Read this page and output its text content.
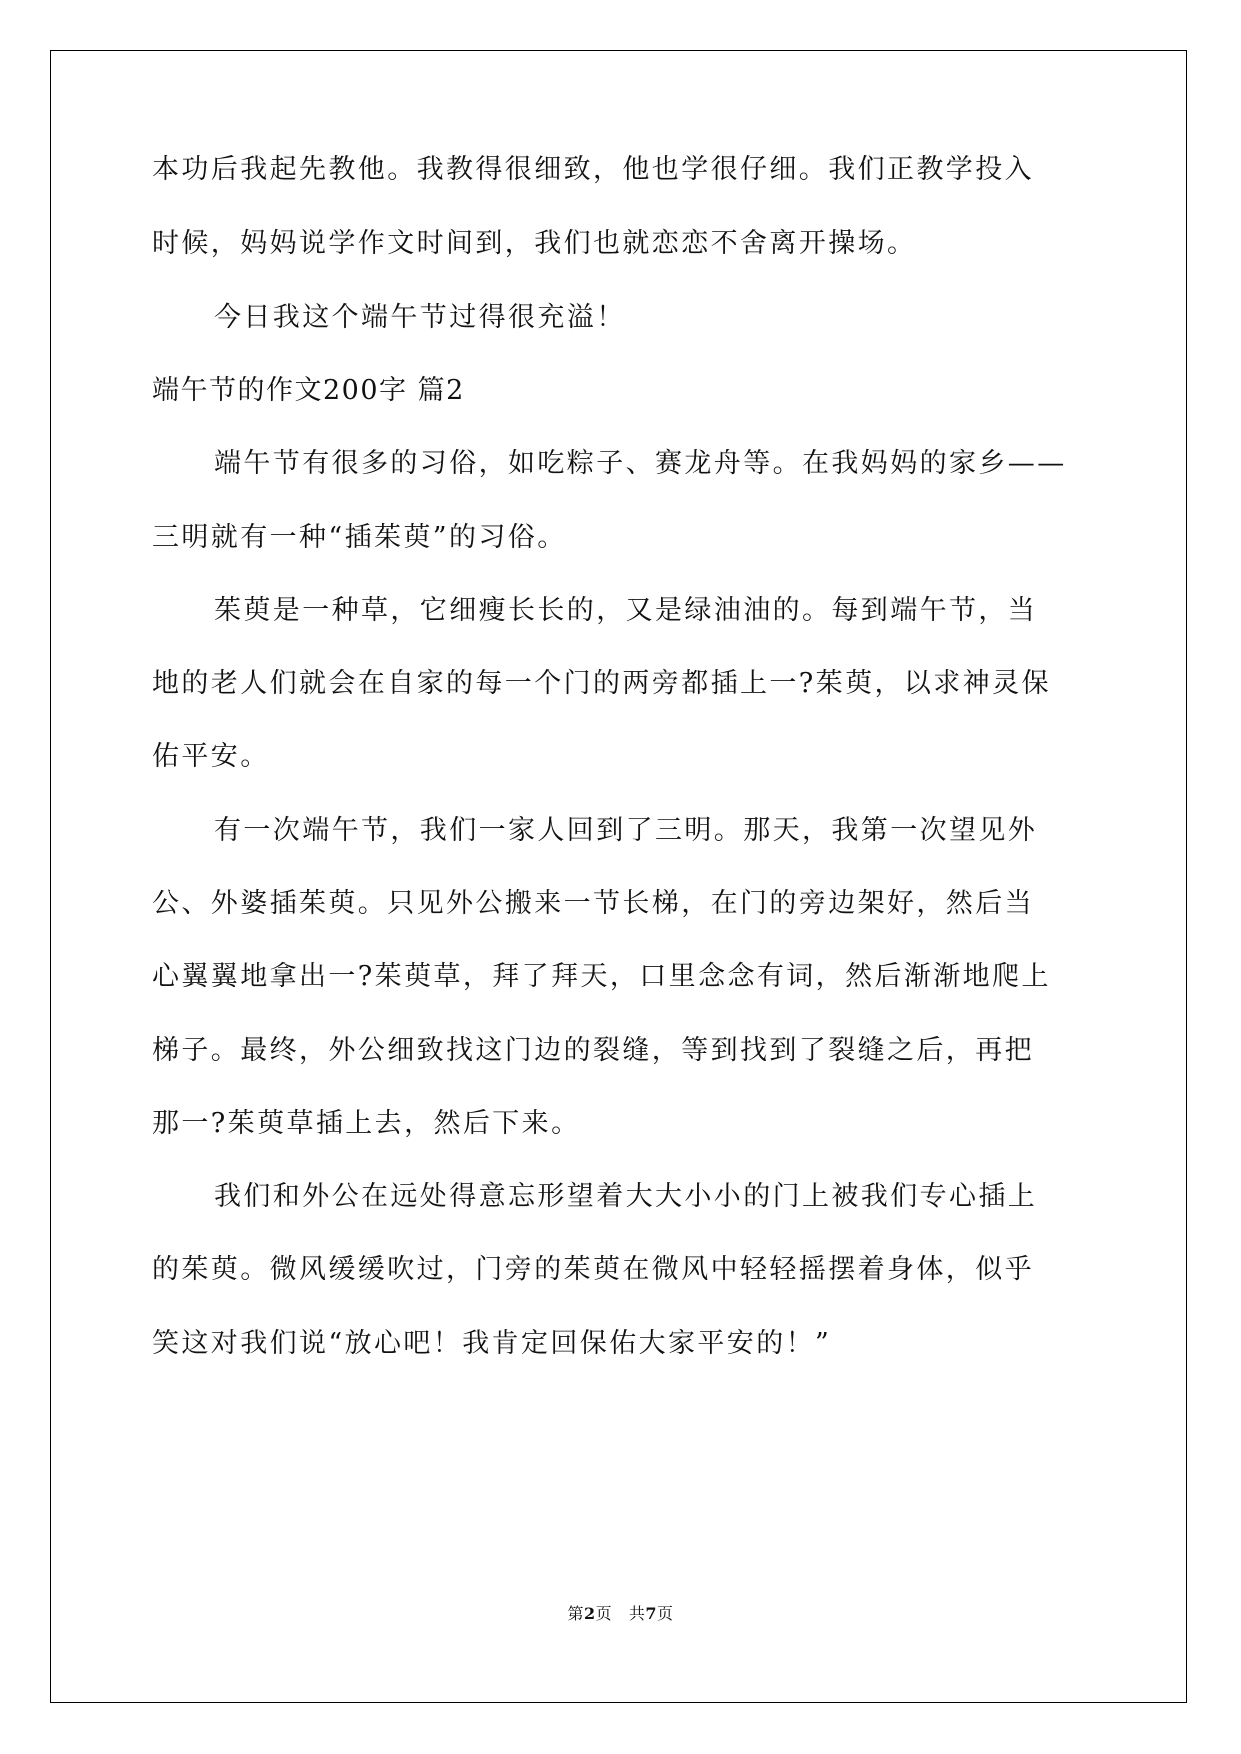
本功后我起先教他。我教得很细致，他也学很仔细。我们正教学投入
时候，妈妈说学作文时间到，我们也就恋恋不舍离开操场。
今日我这个端午节过得很充溢！
端午节的作文200字 篇2
端午节有很多的习俗，如吃粽子、赛龙舟等。在我妈妈的家乡——
三明就有一种“插茱萸”的习俗。
茱萸是一种草，它细瘦长长的，又是绿油油的。每到端午节，当
地的老人们就会在自家的每一个门的两旁都插上一?茱萸，以求神灵保
佑平安。
有一次端午节，我们一家人回到了三明。那天，我第一次望见外
公、外婆插茱萸。只见外公搬来一节长梯，在门的旁边架好，然后当
心翼翼地拿出一?茱萸草，拜了拜天，口里念念有词，然后渐渐地爬上
梯子。最终，外公细致找这门边的裂缝，等到找到了裂缝之后，再把
那一?茱萸草插上去，然后下来。
我们和外公在远处得意忘形望着大大小小的门上被我们专心插上
的茱萸。微风缓缓吹过，门旁的茱萸在微风中轻轻摇摆着身体，似乎
笑这对我们说“放心吧！我肯定回保佑大家平安的！”
第2页 共7页
